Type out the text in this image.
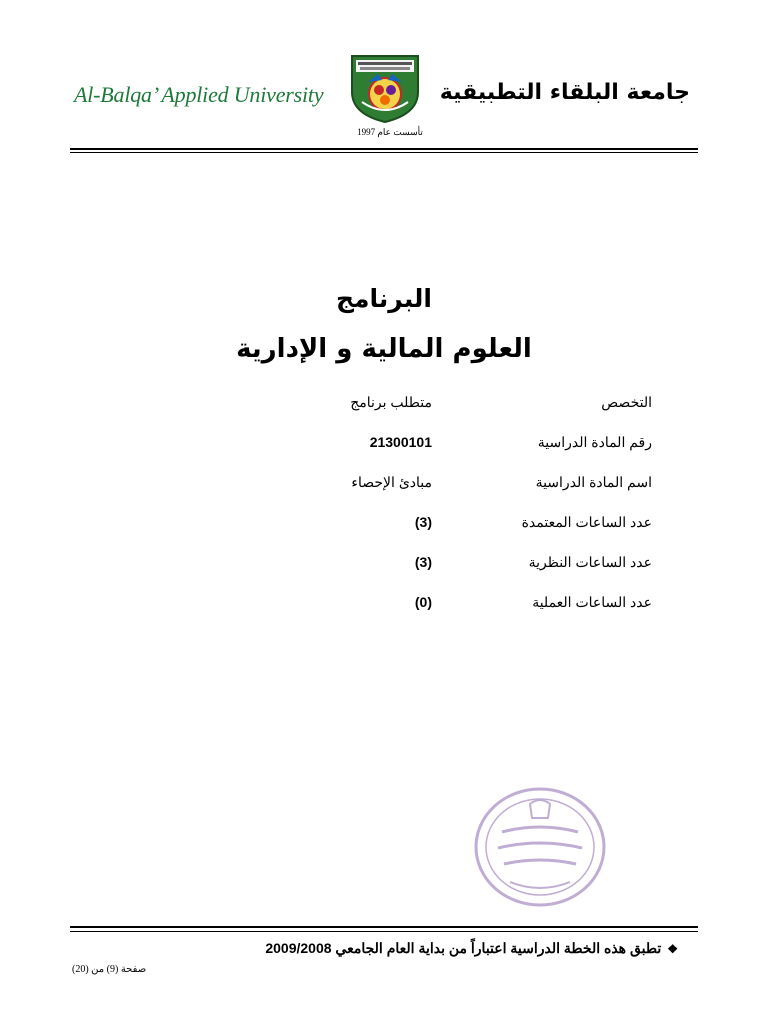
Al-Balqa’ Applied University
تأسست عام 1997
جامعة البلقاء التطبيقية
البرنامج
العلوم المالية و الإدارية
التخصص
متطلب برنامج
رقم المادة الدراسية
21300101
اسم المادة الدراسية
مبادئ الإحصاء
عدد الساعات المعتمدة
(3)
عدد الساعات النظرية
(3)
عدد الساعات العملية
(0)
❖تطبق هذه الخطة الدراسية اعتباراً من بداية العام الجامعي 2009/2008
صفحة (9) من (20)
